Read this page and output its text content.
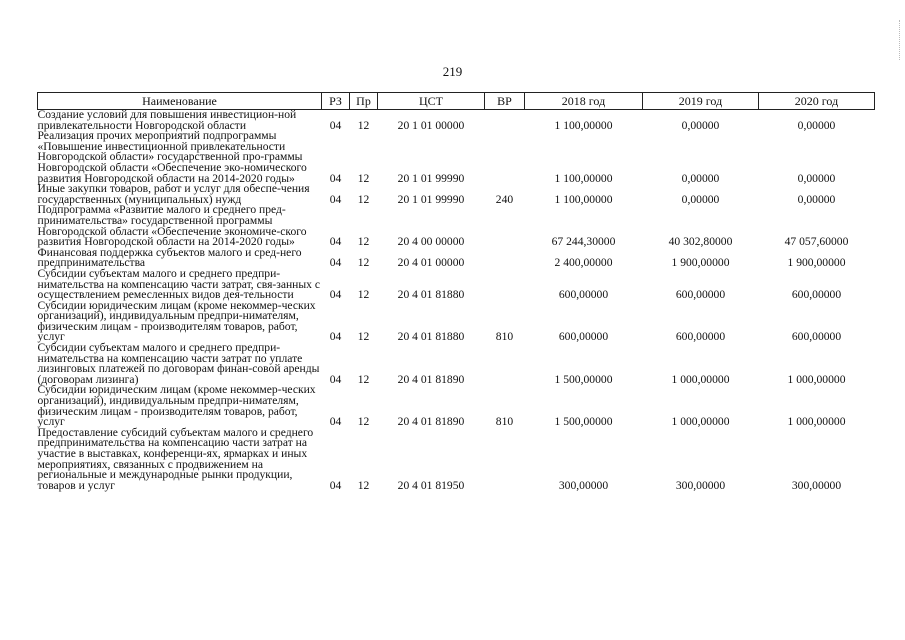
219
Наименование	РЗ	Пр	ЦСТ	ВР	2018 год	2019 год	2020 год
Создание условий для повышения инвестицион-ной привлекательности Новгородской области	04	12	20 1 01 00000		1 100,00000	0,00000	0,00000
Реализация прочих мероприятий подпрограммы «Повышение инвестиционной привлекательности Новгородской области» государственной про-граммы Новгородской области «Обеспечение эко-номического развития Новгородской области на 2014-2020 годы»	04	12	20 1 01 99990		1 100,00000	0,00000	0,00000
Иные закупки товаров, работ и услуг для обеспе-чения государственных (муниципальных) нужд	04	12	20 1 01 99990	240	1 100,00000	0,00000	0,00000
Подпрограмма «Развитие малого и среднего пред-принимательства» государственной программы Новгородской области «Обеспечение экономиче-ского развития Новгородской области на 2014-2020 годы»	04	12	20 4 00 00000		67 244,30000	40 302,80000	47 057,60000
Финансовая поддержка субъектов малого и сред-него предпринимательства	04	12	20 4 01 00000		2 400,00000	1 900,00000	1 900,00000
Субсидии субъектам малого и среднего предпри-нимательства на компенсацию части затрат, свя-занных с осуществлением ремесленных видов дея-тельности	04	12	20 4 01 81880		600,00000	600,00000	600,00000
Субсидии юридическим лицам (кроме некоммер-ческих организаций), индивидуальным предпри-нимателям, физическим лицам - производителям товаров, работ, услуг	04	12	20 4 01 81880	810	600,00000	600,00000	600,00000
Субсидии субъектам малого и среднего предпри-нимательства на компенсацию части затрат по уплате лизинговых платежей по договорам финан-совой аренды (договорам лизинга)	04	12	20 4 01 81890		1 500,00000	1 000,00000	1 000,00000
Субсидии юридическим лицам (кроме некоммер-ческих организаций), индивидуальным предпри-нимателям, физическим лицам - производителям товаров, работ, услуг	04	12	20 4 01 81890	810	1 500,00000	1 000,00000	1 000,00000
Предоставление субсидий субъектам малого и среднего предпринимательства на компенсацию части затрат на участие в выставках, конференци-ях, ярмарках и иных мероприятиях, связанных с продвижением на региональные и международные рынки продукции, товаров и услуг	04	12	20 4 01 81950		300,00000	300,00000	300,00000
